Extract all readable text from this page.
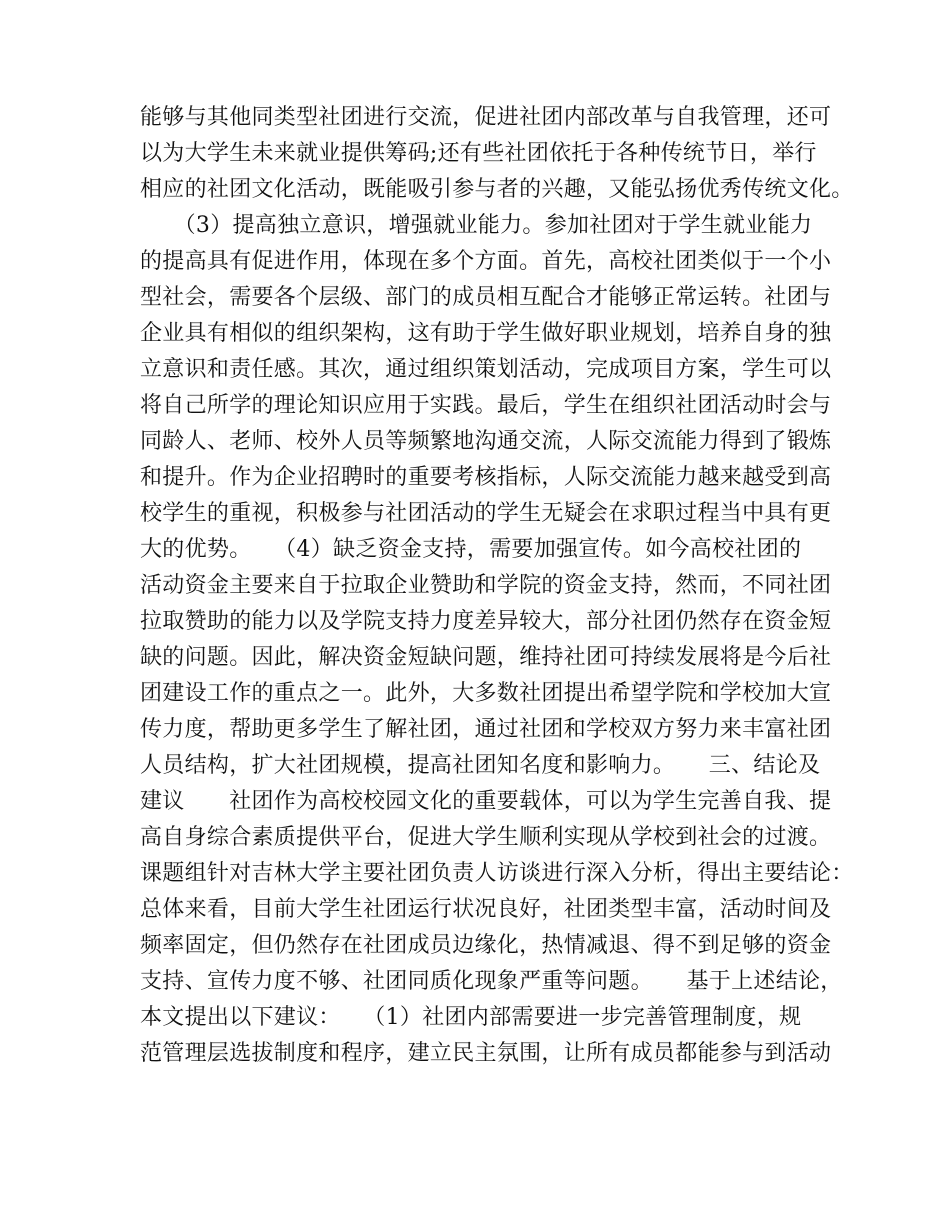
能够与其他同类型社团进行交流，促进社团内部改革与自我管理，还可
以为大学生未来就业提供筹码;还有些社团依托于各种传统节日，举行
相应的社团文化活动，既能吸引参与者的兴趣，又能弘扬优秀传统文化。
　　（3）提高独立意识，增强就业能力。参加社团对于学生就业能力
的提高具有促进作用，体现在多个方面。首先，高校社团类似于一个小
型社会，需要各个层级、部门的成员相互配合才能够正常运转。社团与
企业具有相似的组织架构，这有助于学生做好职业规划，培养自身的独
立意识和责任感。其次，通过组织策划活动，完成项目方案，学生可以
将自己所学的理论知识应用于实践。最后，学生在组织社团活动时会与
同龄人、老师、校外人员等频繁地沟通交流，人际交流能力得到了锻炼
和提升。作为企业招聘时的重要考核指标，人际交流能力越来越受到高
校学生的重视，积极参与社团活动的学生无疑会在求职过程当中具有更
大的优势。　　（4）缺乏资金支持，需要加强宣传。如今高校社团的
活动资金主要来自于拉取企业赞助和学院的资金支持，然而，不同社团
拉取赞助的能力以及学院支持力度差异较大，部分社团仍然存在资金短
缺的问题。因此，解决资金短缺问题，维持社团可持续发展将是今后社
团建设工作的重点之一。此外，大多数社团提出希望学院和学校加大宣
传力度，帮助更多学生了解社团，通过社团和学校双方努力来丰富社团
人员结构，扩大社团规模，提高社团知名度和影响力。　　三、结论及
建议　　社团作为高校校园文化的重要载体，可以为学生完善自我、提
高自身综合素质提供平台，促进大学生顺利实现从学校到社会的过渡。
课题组针对吉林大学主要社团负责人访谈进行深入分析，得出主要结论：
总体来看，目前大学生社团运行状况良好，社团类型丰富，活动时间及
频率固定，但仍然存在社团成员边缘化，热情减退、得不到足够的资金
支持、宣传力度不够、社团同质化现象严重等问题。　　基于上述结论，
本文提出以下建议：　　（1）社团内部需要进一步完善管理制度，规
范管理层选拔制度和程序，建立民主氛围，让所有成员都能参与到活动
